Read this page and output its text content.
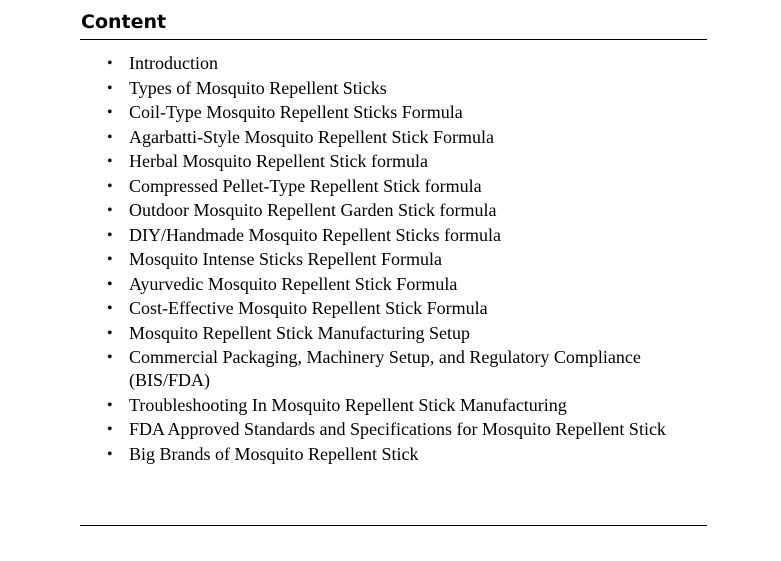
Content
• Introduction
• Types of Mosquito Repellent Sticks
• Coil-Type Mosquito Repellent Sticks Formula
• Agarbatti-Style Mosquito Repellent Stick Formula
• Herbal Mosquito Repellent Stick formula
• Compressed Pellet-Type Repellent Stick formula
• Outdoor Mosquito Repellent Garden Stick formula
• DIY/Handmade Mosquito Repellent Sticks formula
• Mosquito Intense Sticks Repellent Formula
• Ayurvedic Mosquito Repellent Stick Formula
• Cost-Effective Mosquito Repellent Stick Formula
• Mosquito Repellent Stick Manufacturing Setup
• Commercial Packaging, Machinery Setup, and Regulatory Compliance (BIS/FDA)
• Troubleshooting In Mosquito Repellent Stick Manufacturing
• FDA Approved Standards and Specifications for Mosquito Repellent Stick
• Big Brands of Mosquito Repellent Stick
